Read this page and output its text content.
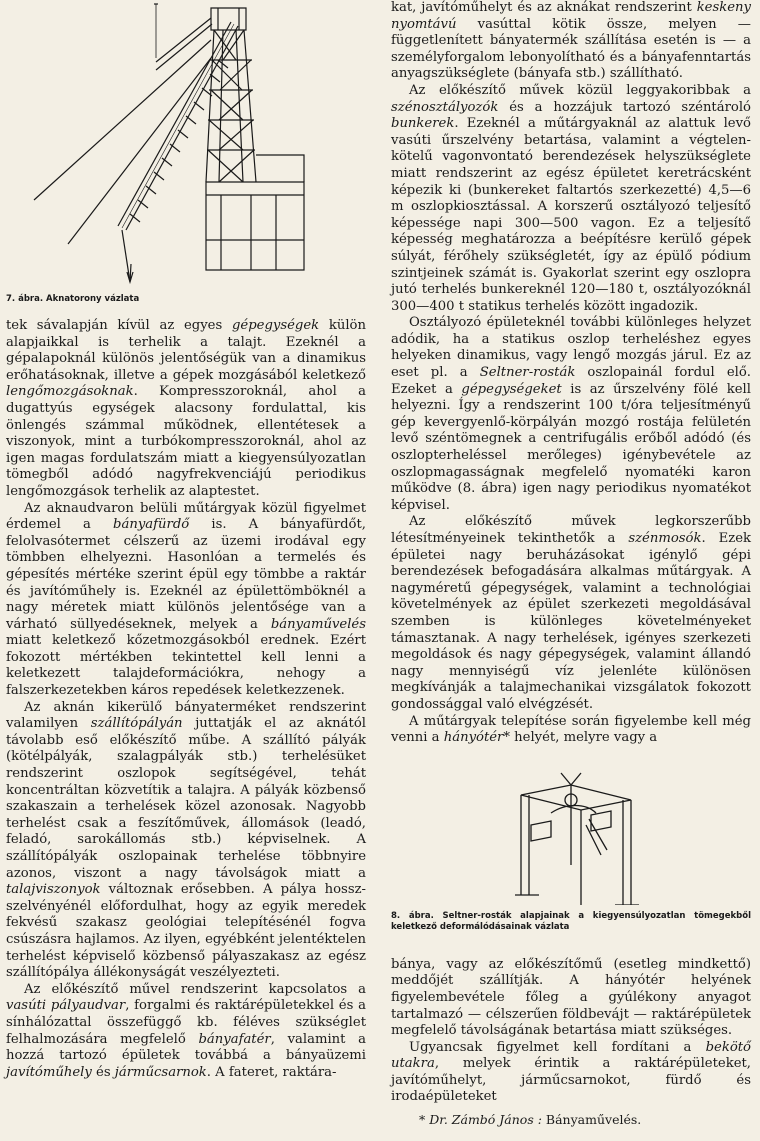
7. ábra. Aknatorony vázlata

tek sávalapján kívül az egyes gépegységek külön alapjaikkal is terhelik a talajt. Ezeknél a gépalapoknál különös jelentőségük van a dinamikus erőhatásoknak, illetve a gépek mozgásából keletkező lengőmozgásoknak. Kompresszoroknál, ahol a dugattyús egységek alacsony fordulattal, kis önlengés számmal működnek, ellentétesek a viszonyok, mint a turbókompresszoroknál, ahol az igen magas fordulatszám miatt a kiegyensúlyozatlan tömegből adódó nagyfrekvenciájú periodikus lengőmozgások terhelik az alaptestet.

Az aknaudvaron belüli műtárgyak közül figyelmet érdemel a bányafürdő is. A bányafürdőt, felolvasótermet célszerű az üzemi irodával egy tömbben elhelyezni. Hasonlóan a termelés és gépesítés mértéke szerint épül egy tömbbe a raktár és javítóműhely is. Ezeknél az épülettömböknél a nagy méretek miatt különös jelentősége van a várható süllyedéseknek, melyek a bányaművelés miatt keletkező kőzetmozgásokból erednek. Ezért fokozott mértékben tekintettel kell lenni a keletkezett talajdeformációkra, nehogy a falszerkezetekben káros repedések keletkezzenek.

Az aknán kikerülő bányaterméket rendszerint valamilyen szállítópályán juttatják el az aknától távolabb eső előkészítő műbe. A szállító pályák (kötélpályák, szalagpályák stb.) terhelésüket rendszerint oszlopok segítségével, tehát koncentráltan közvetítik a talajra. A pályák közbenső szakaszain a terhelések közel azonosak. Nagyobb terhelést csak a feszítőművek, állomások (leadó, feladó, sarokállomás stb.) képviselnek. A szállítópályák oszlopainak terhelése többnyire azonos, viszont a nagy távolságok miatt a talajviszonyok változnak erősebben. A pálya hossz-szelvényénél előfordulhat, hogy az egyik meredek fekvésű szakasz geológiai telepítésénél fogva csúszásra hajlamos. Az ilyen, egyébként jelentéktelen terhelést képviselő közbenső pályaszakasz az egész szállítópálya állékonyságát veszélyezteti.

Az előkészítő művel rendszerint kapcsolatos a vasúti pályaudvar, forgalmi és raktárépületekkel és a sínhálózattal összefüggő kb. féléves szükséglet felhalmozására megfelelő bányafatér, valamint a hozzá tartozó épületek továbbá a bányaüzemi javítóműhely és járműcsarnok. A fateret, raktára-

kat, javítóműhelyt és az aknákat rendszerint keskeny nyomtávú vasúttal kötik össze, melyen — függetlenített bányatermék szállítása esetén is — a személyforgalom lebonyolítható és a bányafenntartás anyagszükséglete (bányafa stb.) szállítható.

Az előkészítő művek közül leggyakoribbak a szénosztályozók és a hozzájuk tartozó széntároló bunkerek. Ezeknél a műtárgyaknál az alattuk levő vasúti űrszelvény betartása, valamint a végtelen-kötelű vagonvontató berendezések helyszükséglete miatt rendszerint az egész épületet keretrácsként képezik ki (bunkereket faltartós szerkezetté) 4,5—6 m oszlopkiosztással. A korszerű osztályozó teljesítő képessége napi 300—500 vagon. Ez a teljesítő képesség meghatározza a beépítésre kerülő gépek súlyát, férőhely szükségletét, így az épülő pódium szintjeinek számát is. Gyakorlat szerint egy oszlopra jutó terhelés bunkereknél 120—180 t, osztályozóknál 300—400 t statikus terhelés között ingadozik.

Osztályozó épületeknél további különleges helyzet adódik, ha a statikus oszlop terheléshez egyes helyeken dinamikus, vagy lengő mozgás járul. Ez az eset pl. a Seltner-rosták oszlopainál fordul elő. Ezeket a gépegységeket is az űrszelvény fölé kell helyezni. Így a rendszerint 100 t/óra teljesítményű gép kevergyenlő-körpályán mozgó rostája felületén levő széntömegnek a centrifugális erőből adódó (és oszlopterheléssel merőleges) igénybevétele az oszlopmagasságnak megfelelő nyomatéki karon működve (8. ábra) igen nagy periodikus nyomatékot képvisel.

Az előkészítő művek legkorszerűbb létesítményeinek tekinthetők a szénmosók. Ezek épületei nagy beruházásokat igénylő gépi berendezések befogadására alkalmas műtárgyak. A nagyméretű gépegységek, valamint a technológiai követelmények az épület szerkezeti megoldásával szemben is különleges követelményeket támasztanak. A nagy terhelések, igényes szerkezeti megoldások és nagy gépegységek, valamint állandó nagy mennyiségű víz jelenléte különösen megkívánják a talajmechanikai vizsgálatok fokozott gondossággal való elvégzését.

A műtárgyak telepítése során figyelembe kell még venni a hányótér* helyét, melyre vagy a

8. ábra. Seltner-rosták alapjainak a kiegyensúlyozatlan tömegekből keletkező deformálódásainak vázlata

bánya, vagy az előkészítőmű (esetleg mindkettő) meddőjét szállítják. A hányótér helyének figyelembevétele főleg a gyúlékony anyagot tartalmazó — célszerűen földbevájt — raktárépületek megfelelő távolságának betartása miatt szükséges.

Ugyancsak figyelmet kell fordítani a bekötő utakra, melyek érintik a raktárépületeket, javítóműhelyt, járműcsarnokot, fürdő és irodaépületeket

* Dr. Zámbó János : Bányaművelés.
